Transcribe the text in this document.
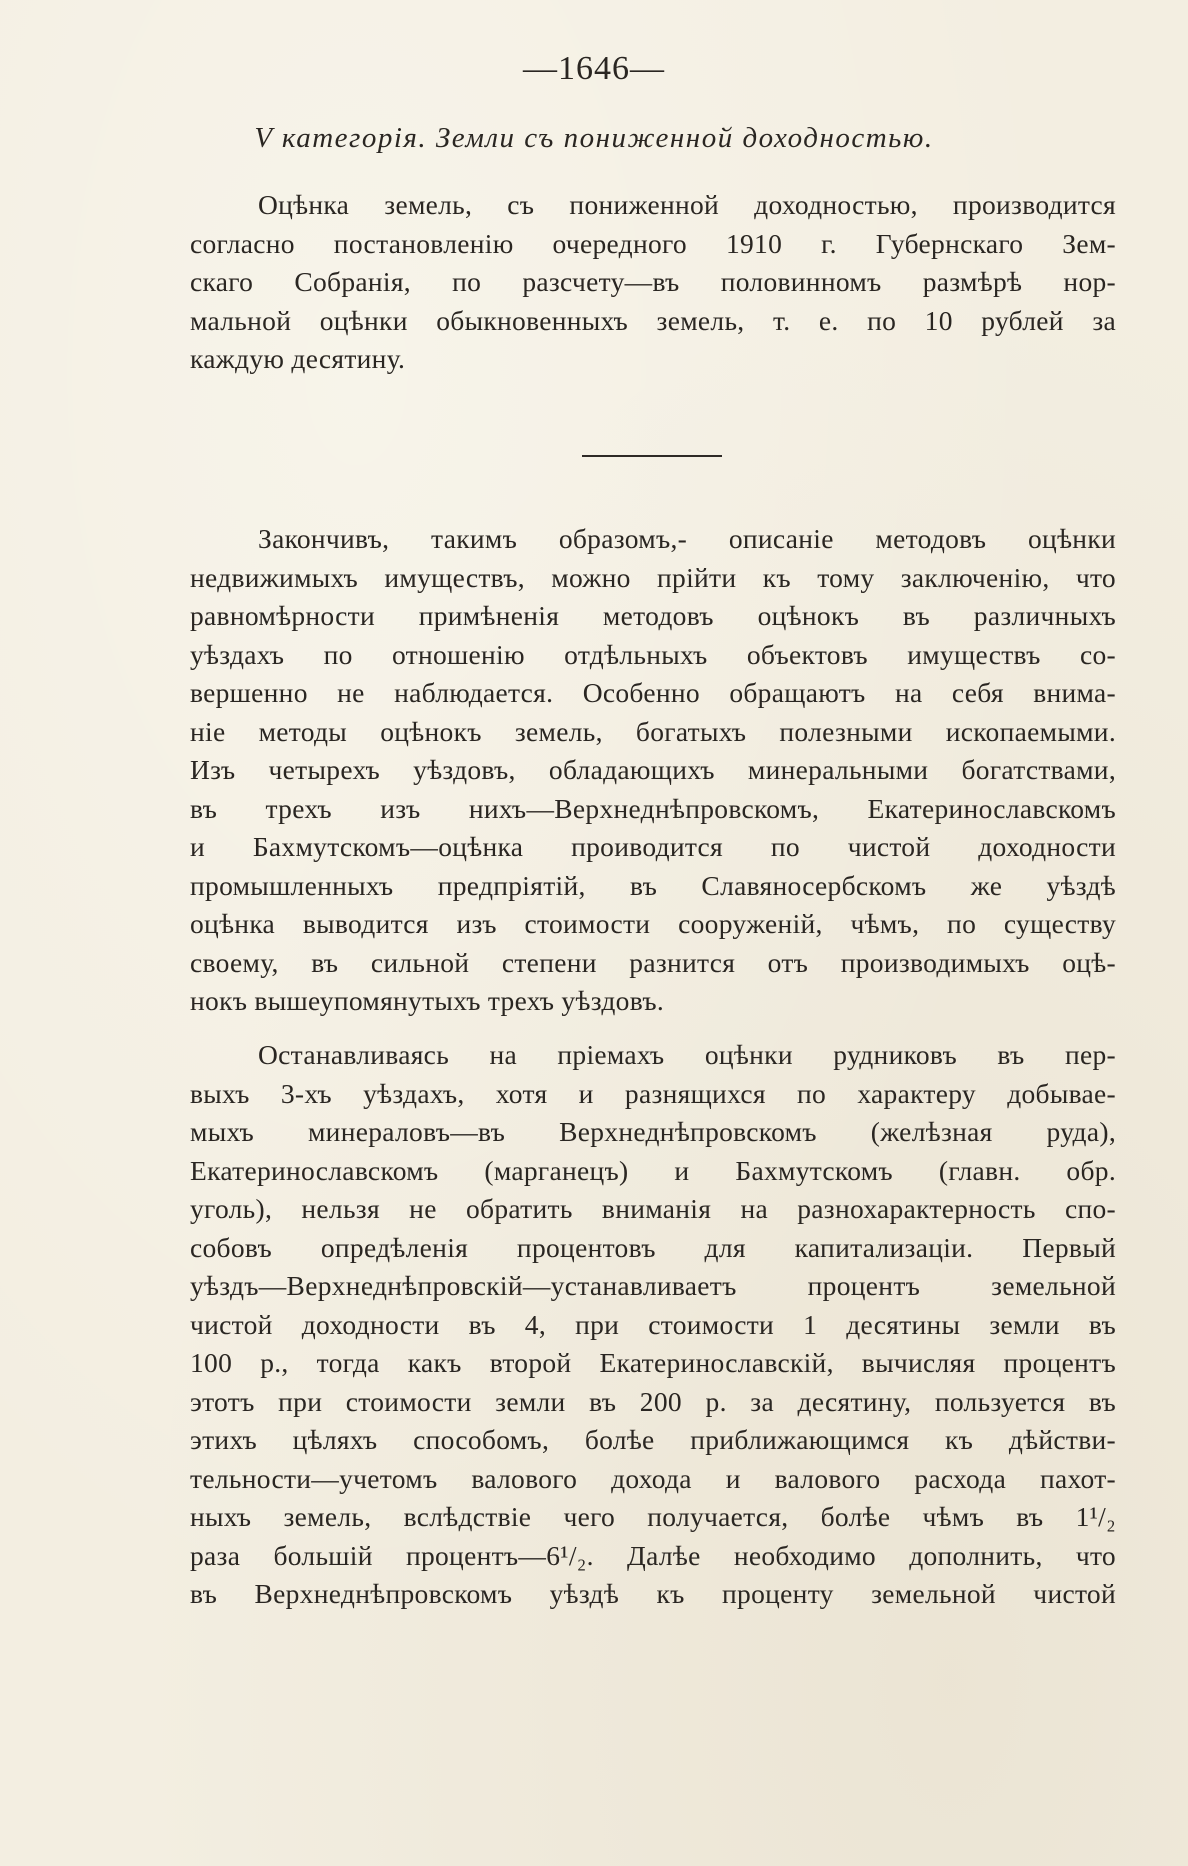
—1646—
V категорія. Земли съ пониженной доходностью.
Оцѣнка земель, съ пониженной доходностью, производится
согласно постановленію очередного 1910 г. Губернскаго Зем-
скаго Собранія, по разсчету—въ половинномъ размѣрѣ нор-
мальной оцѣнки обыкновенныхъ земель, т. е. по 10 рублей за
каждую десятину.
Закончивъ, такимъ образомъ,- описаніе методовъ оцѣнки
недвижимыхъ имуществъ, можно прійти къ тому заключенію, что
равномѣрности примѣненія методовъ оцѣнокъ въ различныхъ
уѣздахъ по отношенію отдѣльныхъ объектовъ имуществъ со-
вершенно не наблюдается. Особенно обращаютъ на себя внима-
ніе методы оцѣнокъ земель, богатыхъ полезными ископаемыми.
Изъ четырехъ уѣздовъ, обладающихъ минеральными богатствами,
въ трехъ изъ нихъ—Верхнеднѣпровскомъ, Екатеринославскомъ
и Бахмутскомъ—оцѣнка проиводится по чистой доходности
промышленныхъ предпріятій, въ Славяносербскомъ же уѣздѣ
оцѣнка выводится изъ стоимости сооруженій, чѣмъ, по существу
своему, въ сильной степени разнится отъ производимыхъ оцѣ-
нокъ вышеупомянутыхъ трехъ уѣздовъ.
Останавливаясь на пріемахъ оцѣнки рудниковъ въ пер-
выхъ 3-хъ уѣздахъ, хотя и разнящихся по характеру добывае-
мыхъ минераловъ—въ Верхнеднѣпровскомъ (желѣзная руда),
Екатеринославскомъ (марганецъ) и Бахмутскомъ (главн. обр.
уголь), нельзя не обратить вниманія на разнохарактерность спо-
собовъ опредѣленія процентовъ для капитализаціи. Первый
уѣздъ—Верхнеднѣпровскій—устанавливаетъ процентъ земельной
чистой доходности въ 4, при стоимости 1 десятины земли въ
100 р., тогда какъ второй Екатеринославскій, вычисляя процентъ
этотъ при стоимости земли въ 200 р. за десятину, пользуется въ
этихъ цѣляхъ способомъ, болѣе приближающимся къ дѣйстви-
тельности—учетомъ валового дохода и валового расхода пахот-
ныхъ земель, вслѣдствіе чего получается, болѣе чѣмъ въ 1¹/₂
раза большій процентъ—6¹/₂. Далѣе необходимо дополнить, что
въ Верхнеднѣпровскомъ уѣздѣ къ проценту земельной чистой
